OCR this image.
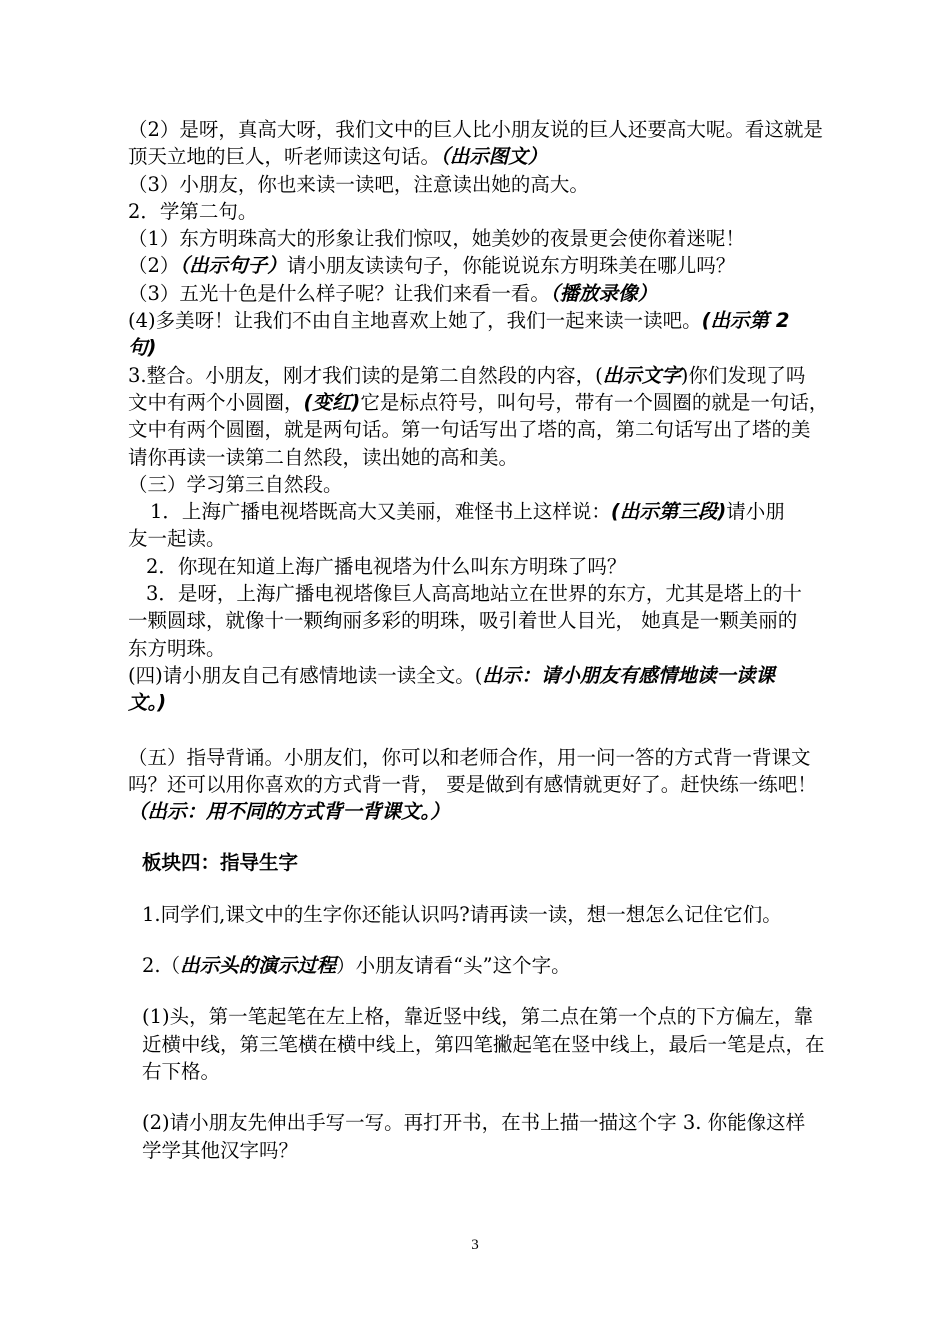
（2）是呀，真高大呀，我们文中的巨人比小朋友说的巨人还要高大呢。看这就是

顶天立地的巨人，听老师读这句话。（出示图文）

（3）小朋友，你也来读一读吧，注意读出她的高大。

2．学第二句。

（1）东方明珠高大的形象让我们惊叹，她美妙的夜景更会使你着迷呢！

（2）（出示句子）请小朋友读读句子，你能说说东方明珠美在哪儿吗？

（3）五光十色是什么样子呢？让我们来看一看。（播放录像）

(4)多美呀！让我们不由自主地喜欢上她了，我们一起来读一读吧。(出示第 2

句)

3.整合。小朋友，刚才我们读的是第二自然段的内容，(出示文字)你们发现了吗

文中有两个小圆圈，(变红)它是标点符号，叫句号，带有一个圆圈的就是一句话，

文中有两个圆圈，就是两句话。第一句话写出了塔的高，第二句话写出了塔的美

请你再读一读第二自然段，读出她的高和美。

（三）学习第三自然段。

1．上海广播电视塔既高大又美丽，难怪书上这样说：(出示第三段)请小朋

友一起读。

2．你现在知道上海广播电视塔为什么叫东方明珠了吗？

3．是呀，上海广播电视塔像巨人高高地站立在世界的东方，尤其是塔上的十

一颗圆球，就像十一颗绚丽多彩的明珠，吸引着世人目光， 她真是一颗美丽的

东方明珠。

(四)请小朋友自己有感情地读一读全文。(出示：请小朋友有感情地读一读课

文。)

（五）指导背诵。小朋友们，你可以和老师合作，用一问一答的方式背一背课文

吗？还可以用你喜欢的方式背一背， 要是做到有感情就更好了。赶快练一练吧！

（出示：用不同的方式背一背课文。）

板块四：指导生字

1.同学们,课文中的生字你还能认识吗?请再读一读，想一想怎么记住它们。

2.（出示头的演示过程）小朋友请看“头”这个字。

(1)头，第一笔起笔在左上格，靠近竖中线，第二点在第一个点的下方偏左，靠

近横中线，第三笔横在横中线上，第四笔撇起笔在竖中线上，最后一笔是点，在

右下格。

(2)请小朋友先伸出手写一写。再打开书，在书上描一描这个字 3. 你能像这样

学学其他汉字吗？

3
